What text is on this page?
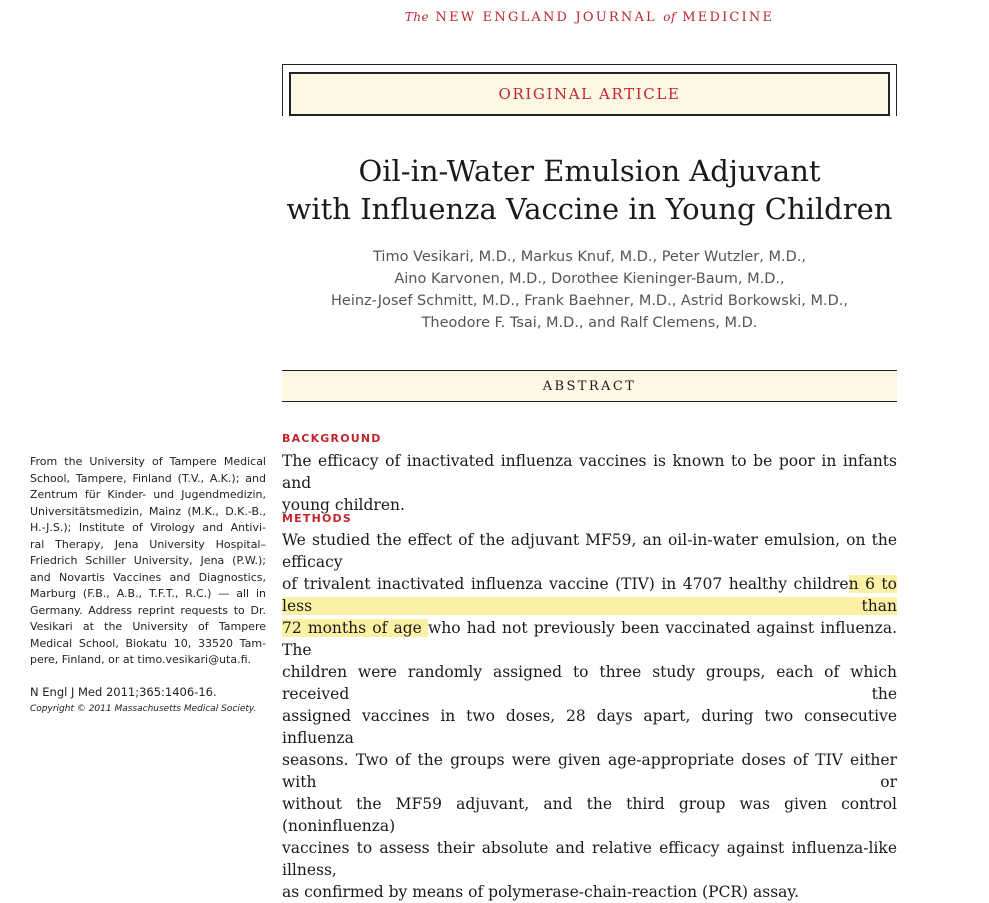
The NEW ENGLAND JOURNAL of MEDICINE
ORIGINAL ARTICLE
Oil-in-Water Emulsion Adjuvant
with Influenza Vaccine in Young Children
Timo Vesikari, M.D., Markus Knuf, M.D., Peter Wutzler, M.D.,
Aino Karvonen, M.D., Dorothee Kieninger-Baum, M.D.,
Heinz-Josef Schmitt, M.D., Frank Baehner, M.D., Astrid Borkowski, M.D.,
Theodore F. Tsai, M.D., and Ralf Clemens, M.D.
ABSTRACT
BACKGROUND
The efficacy of inactivated influenza vaccines is known to be poor in infants and
young children.
METHODS
We studied the effect of the adjuvant MF59, an oil-in-water emulsion, on the efficacy
of trivalent inactivated influenza vaccine (TIV) in 4707 healthy children 6 to less than
72 months of age who had not previously been vaccinated against influenza. The
children were randomly assigned to three study groups, each of which received the
assigned vaccines in two doses, 28 days apart, during two consecutive influenza
seasons. Two of the groups were given age-appropriate doses of TIV either with or
without the MF59 adjuvant, and the third group was given control (noninfluenza)
vaccines to assess their absolute and relative efficacy against influenza-like illness,
as confirmed by means of polymerase-chain-reaction (PCR) assay.
From the University of Tampere Medical
School, Tampere, Finland (T.V., A.K.); and
Zentrum für Kinder- und Jugendmedizin,
Universitätsmedizin, Mainz (M.K., D.K.-B.,
H.-J.S.); Institute of Virology and Antivi-
ral Therapy, Jena University Hospital–
Friedrich Schiller University, Jena (P.W.);
and Novartis Vaccines and Diagnostics,
Marburg (F.B., A.B., T.F.T., R.C.) — all in
Germany. Address reprint requests to Dr.
Vesikari at the University of Tampere
Medical School, Biokatu 10, 33520 Tam-
pere, Finland, or at timo.vesikari@uta.fi.
N Engl J Med 2011;365:1406-16.
Copyright © 2011 Massachusetts Medical Society.
